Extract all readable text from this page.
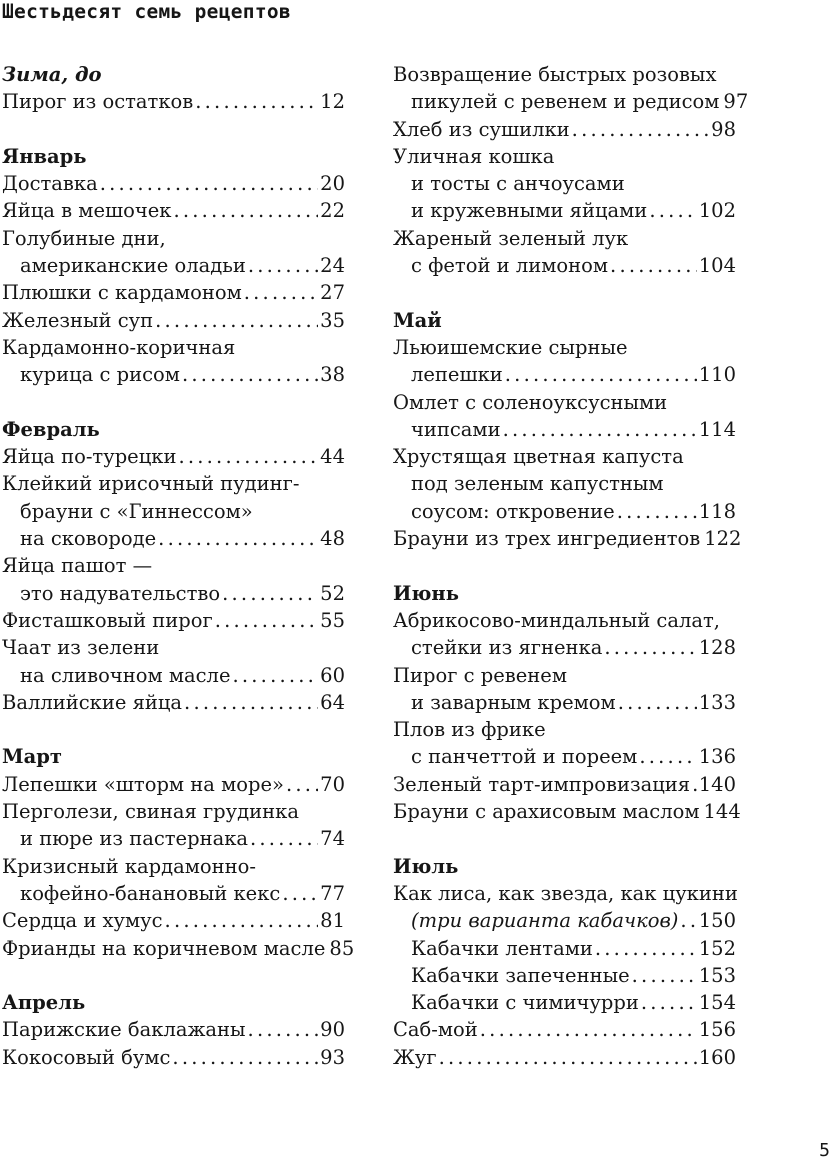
Шестьдесят семь рецептов
Зима, до
Пирог из остатков . . .	12
Январь
Доставка . . .	20
Яйца в мешочек . . .	22
Голубиные дни,
американские оладьи . . .	24
Плюшки с кардамоном . . .	27
Железный суп . . .	35
Кардамонно-коричная
курица с рисом . . .	38
Февраль
Яйца по-турецки . . .	44
Клейкий ирисочный пудинг-
брауни с «Гиннессом»
на сковороде . . .	48
Яйца пашот —
это надувательство . . .	52
Фисташковый пирог . . .	55
Чаат из зелени
на сливочном масле . . .	60
Валлийские яйца . . .	64
Март
Лепешки «шторм на море» . . . 70
Перголези, свиная грудинка
и пюре из пастернака . . .	74
Кризисный кардамонно-
кофейно-банановый кекс . . . 77
Сердца и хумус . . .	81
Фрианды на коричневом масле 85
Апрель
Парижские баклажаны . . .	90
Кокосовый бумс . . .	93
Возвращение быстрых розовых
пикулей с ревенем и редисом 97
Хлеб из сушилки . . .	98
Уличная кошка
и тосты с анчоусами
и кружевными яйцами . . .	102
Жареный зеленый лук
с фетой и лимоном . . .	104
Май
Льюишемские сырные
лепешки . . .	110
Омлет с соленоуксусными
чипсами . . .	114
Хрустящая цветная капуста
под зеленым капустным
соусом: откровение . . .	118
Брауни из трех ингредиентов 122
Июнь
Абрикосово-миндальный салат,
стейки из ягненка . . .	128
Пирог с ревенем
и заварным кремом . . .	133
Плов из фрике
с панчеттой и пореем . . .	136
Зеленый тарт-импровизация . . . 140
Брауни с арахисовым маслом 144
Июль
Как лиса, как звезда, как цукини
(три варианта кабачков) . . . 150
Кабачки лентами . . .	152
Кабачки запеченные . . .	153
Кабачки с чимичурри . . .	154
Саб-мой . . .	156
Жуг . . .	160
5
